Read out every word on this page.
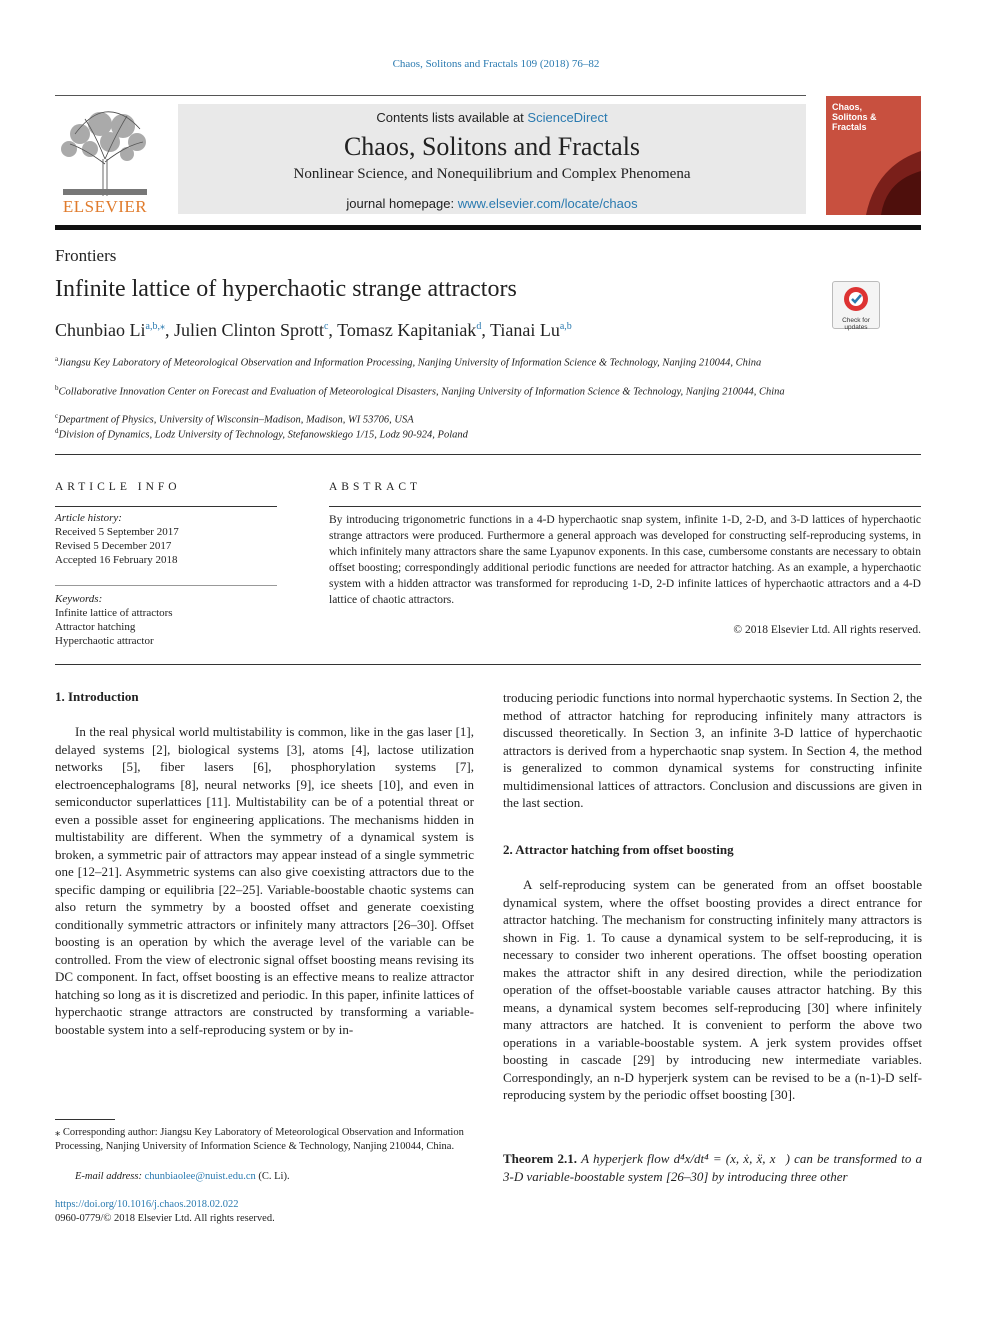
Chaos, Solitons and Fractals 109 (2018) 76–82
ELSEVIER
Contents lists available at ScienceDirect
Chaos, Solitons and Fractals
Nonlinear Science, and Nonequilibrium and Complex Phenomena
journal homepage: www.elsevier.com/locate/chaos
Chaos, Solitons & Fractals
Frontiers
Infinite lattice of hyperchaotic strange attractors
Check for updates
Chunbiao $Li^{a,b,⁎}$, Julien Clinton Sprott$^c$, Tomasz Kapitaniak$^d$, Tianai Lu$^{a,b}$
$^a$Jiangsu Key Laboratory of Meteorological Observation and Information Processing, Nanjing University of Information Science & Technology, Nanjing 210044, China
$^b$Collaborative Innovation Center on Forecast and Evaluation of Meteorological Disasters, Nanjing University of Information Science & Technology, Nanjing 210044, China
$^c$Department of Physics, University of Wisconsin–Madison, Madison, WI 53706, USA
$^d$Division of Dynamics, Lodz University of Technology, Stefanowskiego 1/15, Lodz 90-924, Poland
ARTICLE INFO
Article history:
Received 5 September 2017
Revised 5 December 2017
Accepted 16 February 2018
Keywords:
Infinite lattice of attractors
Attractor hatching
Hyperchaotic attractor
ABSTRACT
By introducing trigonometric functions in a 4-D hyperchaotic snap system, infinite 1-D, 2-D, and 3-D lattices of hyperchaotic strange attractors were produced. Furthermore a general approach was developed for constructing self-reproducing systems, in which infinitely many attractors share the same Lyapunov exponents. In this case, cumbersome constants are necessary to obtain offset boosting; correspondingly additional periodic functions are needed for attractor hatching. As an example, a hyperchaotic system with a hidden attractor was transformed for reproducing 1-D, 2-D infinite lattices of hyperchaotic attractors and a 4-D lattice of chaotic attractors.
© 2018 Elsevier Ltd. All rights reserved.
1. Introduction
In the real physical world multistability is common, like in the gas laser [1], delayed systems [2], biological systems [3], atoms [4], lactose utilization networks [5], fiber lasers [6], phosphorylation systems [7], electroencephalograms [8], neural networks [9], ice sheets [10], and even in semiconductor superlattices [11]. Multistability can be of a potential threat or even a possible asset for engineering applications. The mechanisms hidden in multistability are different. When the symmetry of a dynamical system is broken, a symmetric pair of attractors may appear instead of a single symmetric one [12–21]. Asymmetric systems can also give coexisting attractors due to the specific damping or equilibria [22–25]. Variable-boostable chaotic systems can also return the symmetry by a boosted offset and generate coexisting conditionally symmetric attractors or infinitely many attractors [26–30]. Offset boosting is an operation by which the average level of the variable can be controlled. From the view of electronic signal offset boosting means revising its DC component. In fact, offset boosting is an effective means to realize attractor hatching so long as it is discretized and periodic. In this paper, infinite lattices of hyperchaotic strange attractors are constructed by transforming a variable-boostable system into a self-reproducing system or by in-
troducing periodic functions into normal hyperchaotic systems. In Section 2, the method of attractor hatching for reproducing infinitely many attractors is discussed theoretically. In Section 3, an infinite 3-D lattice of hyperchaotic attractors is derived from a hyperchaotic snap system. In Section 4, the method is generalized to common dynamical systems for constructing infinite multidimensional lattices of attractors. Conclusion and discussions are given in the last section.
2. Attractor hatching from offset boosting
A self-reproducing system can be generated from an offset boostable dynamical system, where the offset boosting provides a direct entrance for attractor hatching. The mechanism for constructing infinitely many attractors is shown in Fig. 1. To cause a dynamical system to be self-reproducing, it is necessary to consider two inherent operations. The offset boosting operation makes the attractor shift in any desired direction, while the periodization operation of the offset-boostable variable causes attractor hatching. By this means, a dynamical system becomes self-reproducing [30] where infinitely many attractors are hatched. It is convenient to perform the above two operations in a variable-boostable system. A jerk system provides offset boosting in cascade [29] by introducing new intermediate variables. Correspondingly, an n-D hyperjerk system can be revised to be a (n-1)-D self-reproducing system by the periodic offset boosting [30].
Theorem 2.1. A hyperjerk flow d⁴x/dt⁴ = (x, ẋ, ẍ, x⃛) can be transformed to a 3-D variable-boostable system [26–30] by introducing three other
⁎ Corresponding author: Jiangsu Key Laboratory of Meteorological Observation and Information Processing, Nanjing University of Information Science & Technology, Nanjing 210044, China.
E-mail address: chunbiaolee@nuist.edu.cn (C. Li).
https://doi.org/10.1016/j.chaos.2018.02.022
0960-0779/© 2018 Elsevier Ltd. All rights reserved.
